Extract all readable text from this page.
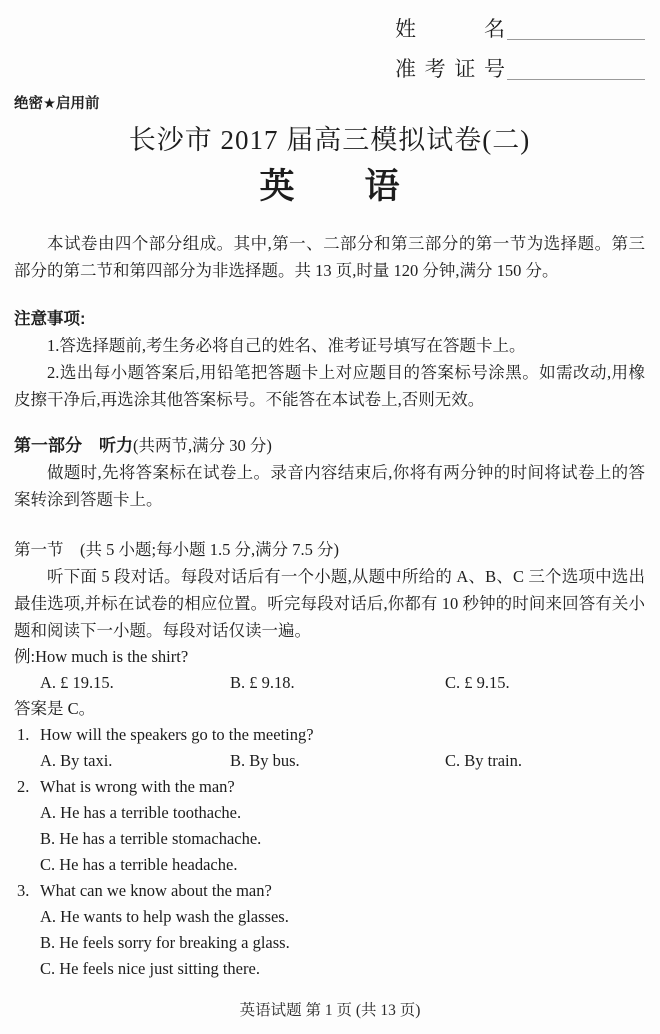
姓名
准考证号
绝密★启用前
长沙市 2017 届高三模拟试卷(二)
英　　语

本试卷由四个部分组成。其中,第一、二部分和第三部分的第一节为选择题。第三部分的第二节和第四部分为非选择题。共 13 页,时量 120 分钟,满分 150 分。

注意事项:

1.答选择题前,考生务必将自己的姓名、准考证号填写在答题卡上。

2.选出每小题答案后,用铅笔把答题卡上对应题目的答案标号涂黑。如需改动,用橡皮擦干净后,再选涂其他答案标号。不能答在本试卷上,否则无效。

第一部分　听力(共两节,满分 30 分)

做题时,先将答案标在试卷上。录音内容结束后,你将有两分钟的时间将试卷上的答案转涂到答题卡上。

第一节　(共 5 小题;每小题 1.5 分,满分 7.5 分)

听下面 5 段对话。每段对话后有一个小题,从题中所给的 A、B、C 三个选项中选出最佳选项,并标在试卷的相应位置。听完每段对话后,你都有 10 秒钟的时间来回答有关小题和阅读下一小题。每段对话仅读一遍。

例:How much is the shirt?
A. £ 19.15.	B. £ 9.18.	C. £ 9.15.
答案是 C。
1. How will the speakers go to the meeting?
A. By taxi.	B. By bus.	C. By train.
2. What is wrong with the man?
A. He has a terrible toothache.
B. He has a terrible stomachache.
C. He has a terrible headache.
3. What can we know about the man?
A. He wants to help wash the glasses.
B. He feels sorry for breaking a glass.
C. He feels nice just sitting there.
英语试题 第 1 页 (共 13 页)
